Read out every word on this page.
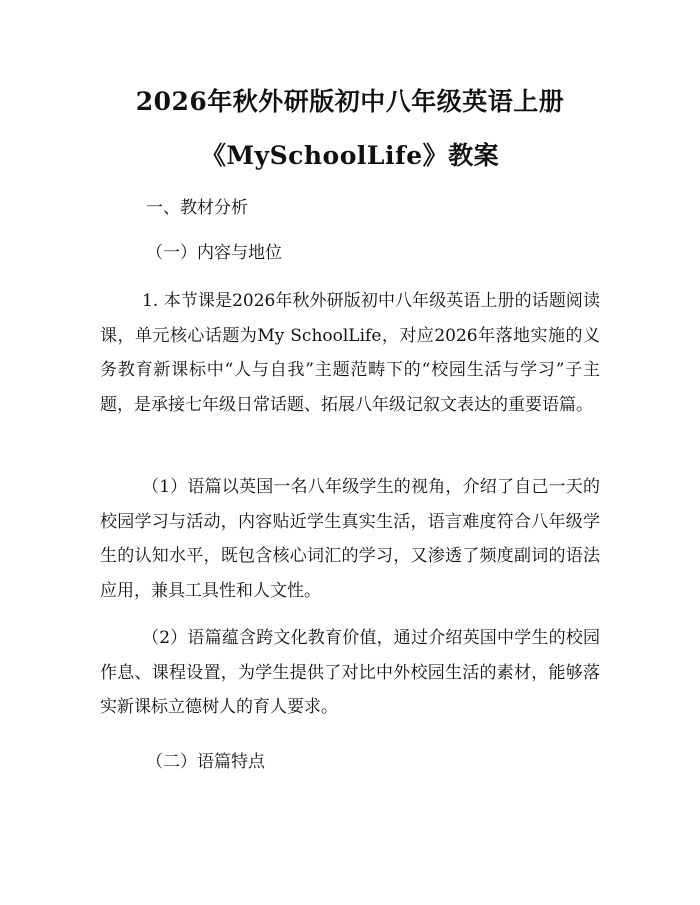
2026年秋外研版初中八年级英语上册
《MySchoolLife》教案
一、教材分析
（一）内容与地位
1. 本节课是2026年秋外研版初中八年级英语上册的话题阅读课，单元核心话题为My SchoolLife，对应2026年落地实施的义务教育新课标中“人与自我”主题范畴下的“校园生活与学习”子主题，是承接七年级日常话题、拓展八年级记叙文表达的重要语篇。
（1）语篇以英国一名八年级学生的视角，介绍了自己一天的校园学习与活动，内容贴近学生真实生活，语言难度符合八年级学生的认知水平，既包含核心词汇的学习，又渗透了频度副词的语法应用，兼具工具性和人文性。
（2）语篇蕴含跨文化教育价值，通过介绍英国中学生的校园作息、课程设置，为学生提供了对比中外校园生活的素材，能够落实新课标立德树人的育人要求。
（二）语篇特点
